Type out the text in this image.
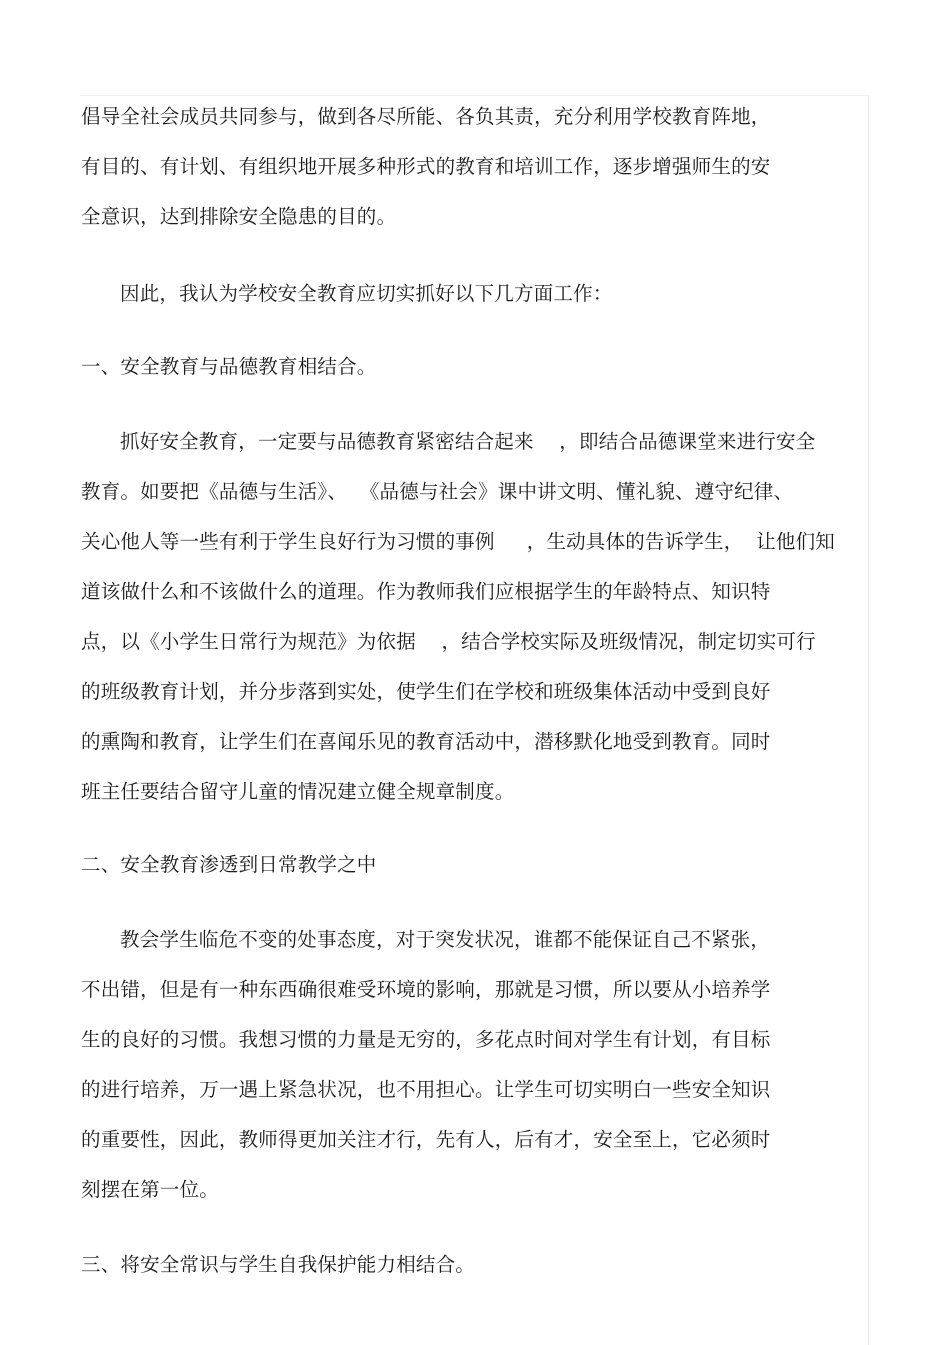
倡导全社会成员共同参与，做到各尽所能、各负其责，充分利用学校教育阵地，
有目的、有计划、有组织地开展多种形式的教育和培训工作，逐步增强师生的安
全意识，达到排除安全隐患的目的。
因此，我认为学校安全教育应切实抓好以下几方面工作：
一、安全教育与品德教育相结合。
抓好安全教育，一定要与品德教育紧密结合起来    ，即结合品德课堂来进行安全
教育。如要把《品德与生活》、  《品德与社会》课中讲文明、懂礼貌、遵守纪律、
关心他人等一些有利于学生良好行为习惯的事例     ，生动具体的告诉学生，  让他们知
道该做什么和不该做什么的道理。作为教师我们应根据学生的年龄特点、知识特
点，以《小学生日常行为规范》为依据    ，结合学校实际及班级情况，制定切实可行
的班级教育计划，并分步落到实处，使学生们在学校和班级集体活动中受到良好
的熏陶和教育，让学生们在喜闻乐见的教育活动中，潜移默化地受到教育。同时
班主任要结合留守儿童的情况建立健全规章制度。
二、安全教育渗透到日常教学之中
教会学生临危不变的处事态度，对于突发状况，谁都不能保证自己不紧张，
不出错，但是有一种东西确很难受环境的影响，那就是习惯，所以要从小培养学
生的良好的习惯。我想习惯的力量是无穷的，多花点时间对学生有计划，有目标
的进行培养，万一遇上紧急状况，也不用担心。让学生可切实明白一些安全知识
的重要性，因此，教师得更加关注才行，先有人，后有才，安全至上，它必须时
刻摆在第一位。
三、将安全常识与学生自我保护能力相结合。
